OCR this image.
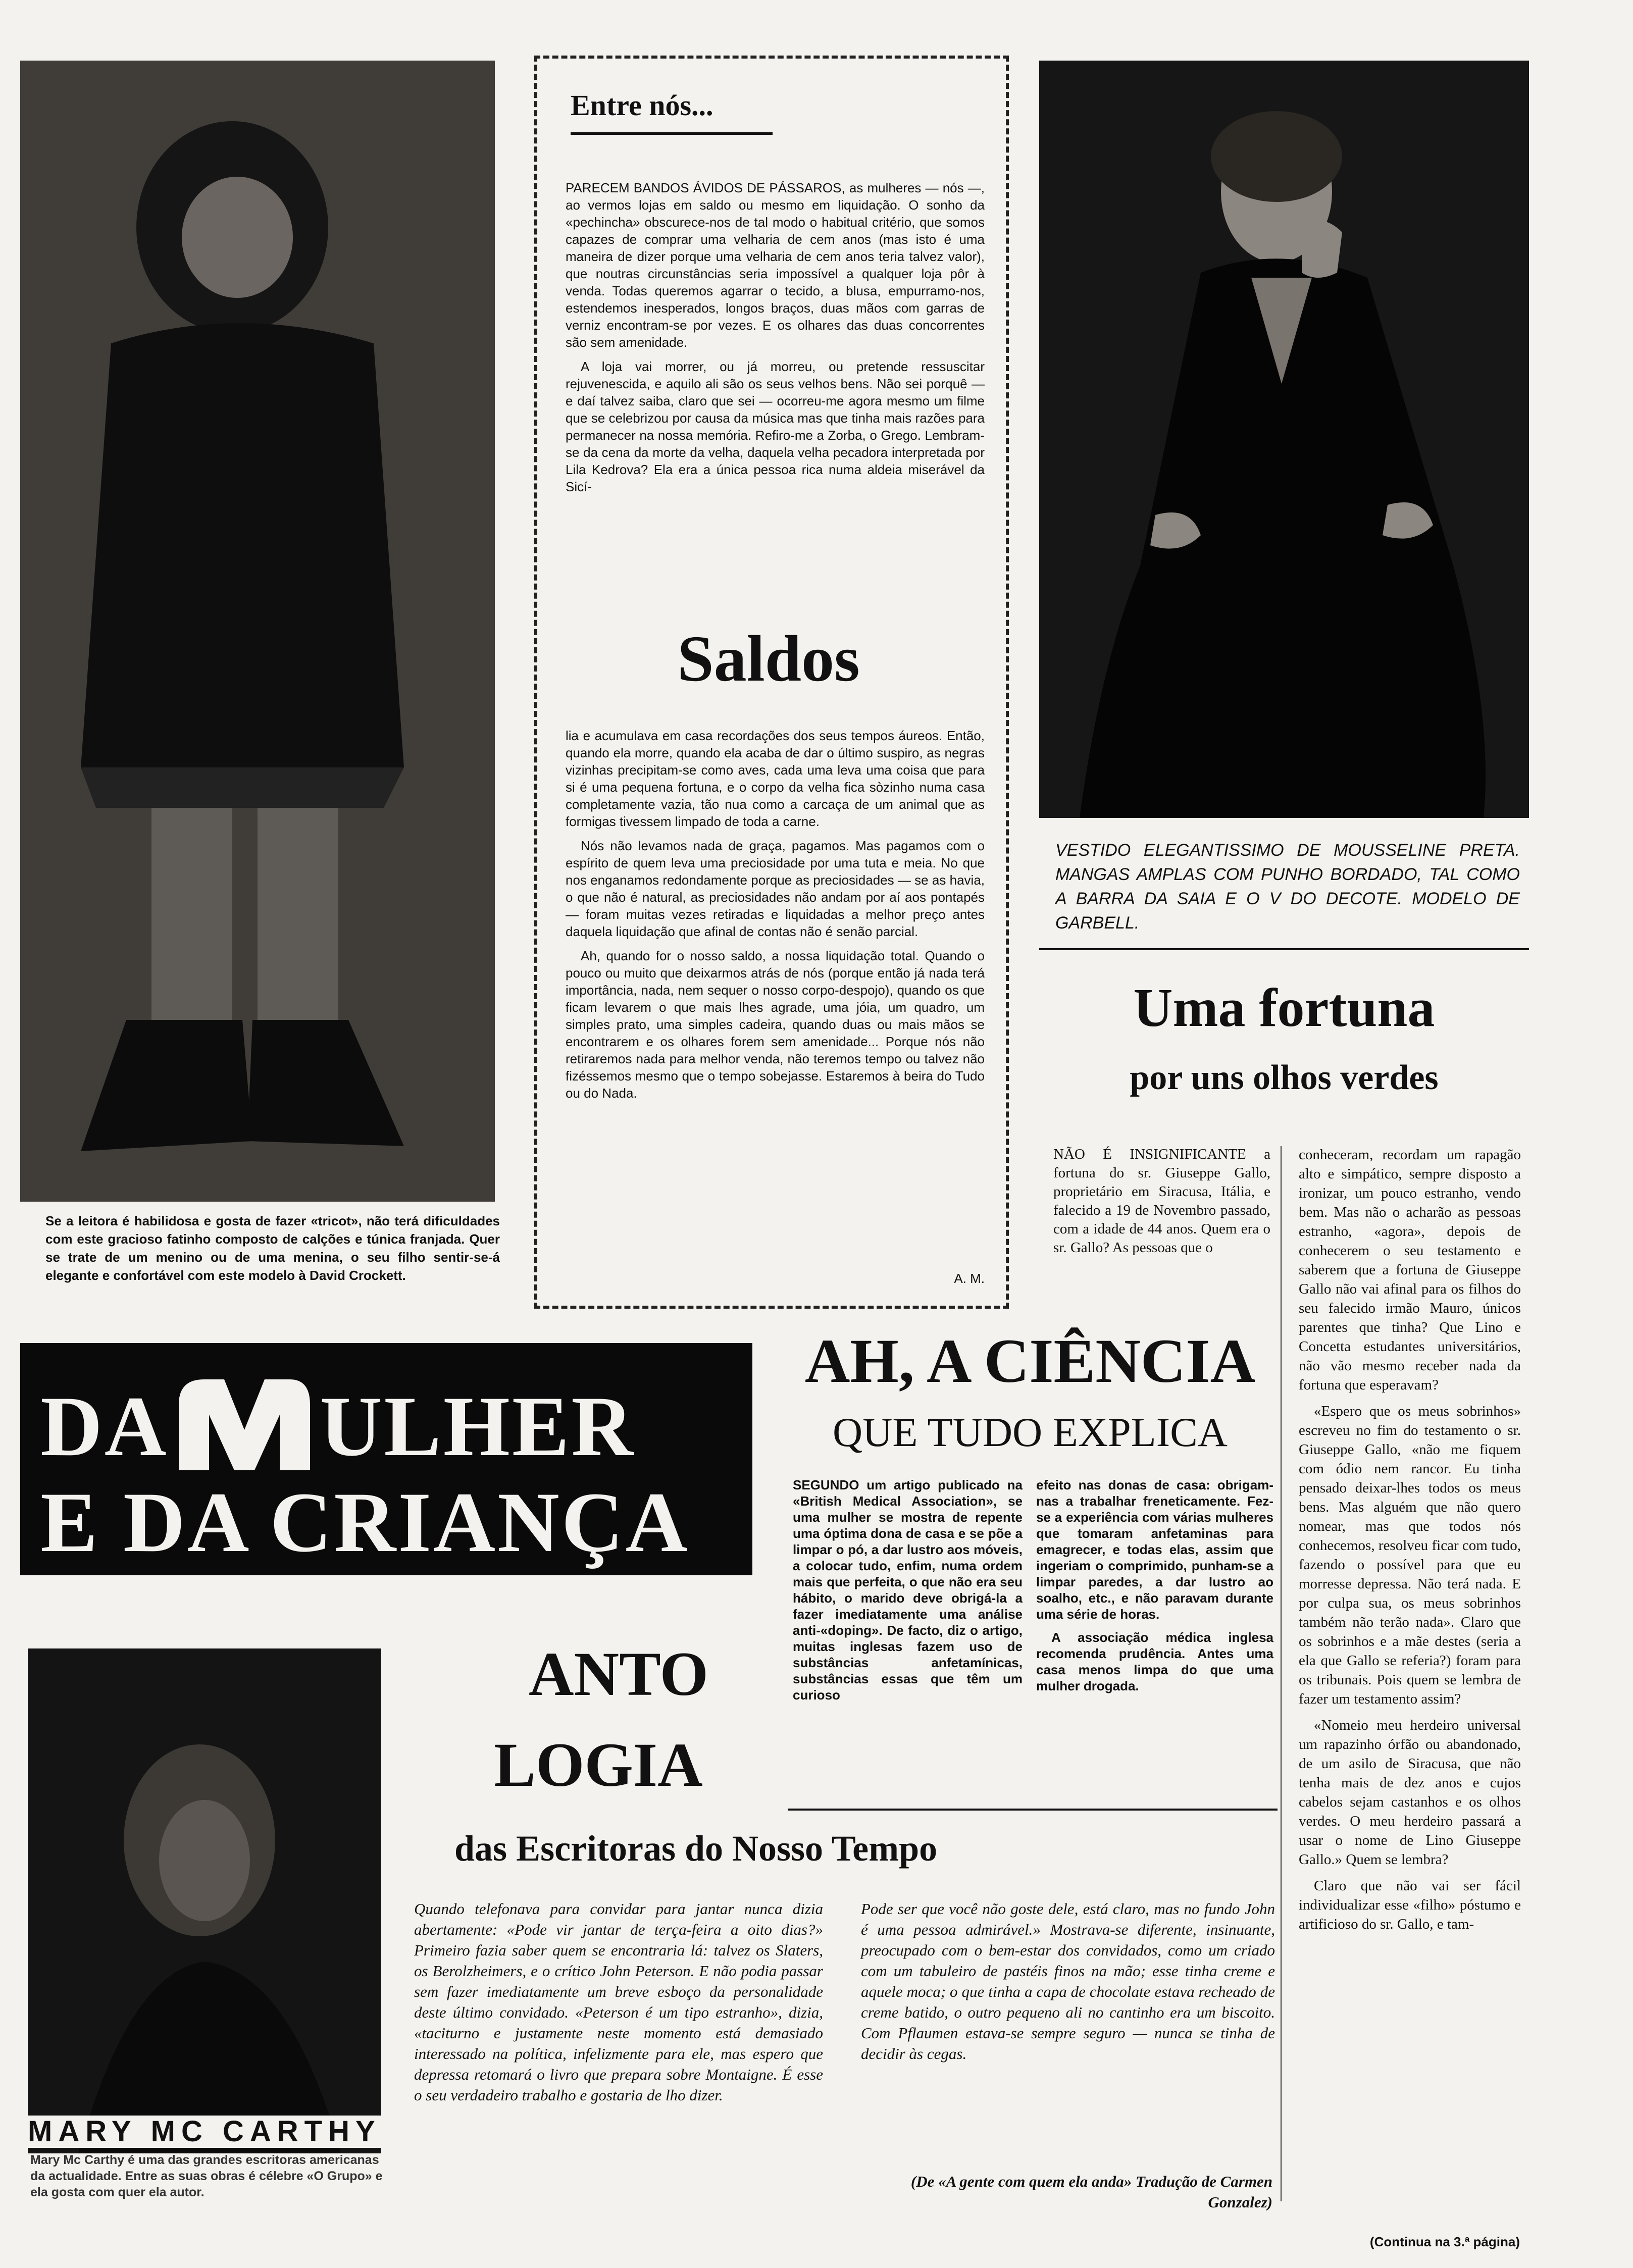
Se a leitora é habilidosa e gosta de fazer «tricot», não terá dificuldades com este gracioso fatinho composto de calções e túnica franjada. Quer se trate de um menino ou de uma menina, o seu filho sentir-se-á elegante e confortável com este modelo à David Crockett.
Entre nós...

PARECEM BANDOS ÁVIDOS DE PÁSSAROS, as mulheres — nós —, ao vermos lojas em saldo ou mesmo em liquidação. O sonho da «pechincha» obscurece-nos de tal modo o habitual critério, que somos capazes de comprar uma velharia de cem anos (mas isto é uma maneira de dizer porque uma velharia de cem anos teria talvez valor), que noutras circunstâncias seria impossível a qualquer loja pôr à venda. Todas queremos agarrar o tecido, a blusa, empurramo-nos, estendemos inesperados, longos braços, duas mãos com garras de verniz encontram-se por vezes. E os olhares das duas concorrentes são sem amenidade.

A loja vai morrer, ou já morreu, ou pretende ressuscitar rejuvenescida, e aquilo ali são os seus velhos bens. Não sei porquê — e daí talvez saiba, claro que sei — ocorreu-me agora mesmo um filme que se celebrizou por causa da música mas que tinha mais razões para permanecer na nossa memória. Refiro-me a Zorba, o Grego. Lembram-se da cena da morte da velha, daquela velha pecadora interpretada por Lila Kedrova? Ela era a única pessoa rica numa aldeia miserável da Sicí-

Saldos

lia e acumulava em casa recordações dos seus tempos áureos. Então, quando ela morre, quando ela acaba de dar o último suspiro, as negras vizinhas precipitam-se como aves, cada uma leva uma coisa que para si é uma pequena fortuna, e o corpo da velha fica sòzinho numa casa completamente vazia, tão nua como a carcaça de um animal que as formigas tivessem limpado de toda a carne.

Nós não levamos nada de graça, pagamos. Mas pagamos com o espírito de quem leva uma preciosidade por uma tuta e meia. No que nos enganamos redondamente porque as preciosidades — se as havia, o que não é natural, as preciosidades não andam por aí aos pontapés — foram muitas vezes retiradas e liquidadas a melhor preço antes daquela liquidação que afinal de contas não é senão parcial.

Ah, quando for o nosso saldo, a nossa liquidação total. Quando o pouco ou muito que deixarmos atrás de nós (porque então já nada terá importância, nada, nem sequer o nosso corpo-despojo), quando os que ficam levarem o que mais lhes agrade, uma jóia, um quadro, um simples prato, uma simples cadeira, quando duas ou mais mãos se encontrarem e os olhares forem sem amenidade... Porque nós não retiraremos nada para melhor venda, não teremos tempo ou talvez não fizéssemos mesmo que o tempo sobejasse. Estaremos à beira do Tudo ou do Nada.

A. M.
VESTIDO ELEGANTISSIMO DE MOUSSELINE PRETA. MANGAS AMPLAS COM PUNHO BORDADO, TAL COMO A BARRA DA SAIA E O V DO DECOTE. MODELO DE GARBELL.
Uma fortuna
por uns olhos verdes

NÃO É INSIGNIFICANTE a fortuna do sr. Giuseppe Gallo, proprietário em Siracusa, Itália, e falecido a 19 de Novembro passado, com a idade de 44 anos. Quem era o sr. Gallo? As pessoas que o

conheceram, recordam um rapagão alto e simpático, sempre disposto a ironizar, um pouco estranho, vendo bem. Mas não o acharão as pessoas estranho, «agora», depois de conhecerem o seu testamento e saberem que a fortuna de Giuseppe Gallo não vai afinal para os filhos do seu falecido irmão Mauro, únicos parentes que tinha? Que Lino e Concetta estudantes universitários, não vão mesmo receber nada da fortuna que esperavam?

«Espero que os meus sobrinhos» escreveu no fim do testamento o sr. Giuseppe Gallo, «não me fiquem com ódio nem rancor. Eu tinha pensado deixar-lhes todos os meus bens. Mas alguém que não quero nomear, mas que todos nós conhecemos, resolveu ficar com tudo, fazendo o possível para que eu morresse depressa. Não terá nada. E por culpa sua, os meus sobrinhos também não terão nada». Claro que os sobrinhos e a mãe destes (seria a ela que Gallo se referia?) foram para os tribunais. Pois quem se lembra de fazer um testamento assim?

«Nomeio meu herdeiro universal um rapazinho órfão ou abandonado, de um asilo de Siracusa, que não tenha mais de dez anos e cujos cabelos sejam castanhos e os olhos verdes. O meu herdeiro passará a usar o nome de Lino Giuseppe Gallo.» Quem se lembra?

Claro que não vai ser fácil individualizar esse «filho» póstumo e artificioso do sr. Gallo, e tam-

(Continua na 3.ª página)
DA ULHER
E DA CRIANÇA
AH, A CIÊNCIA
QUE TUDO EXPLICA

SEGUNDO um artigo publicado na «British Medical Association», se uma mulher se mostra de repente uma óptima dona de casa e se põe a limpar o pó, a dar lustro aos móveis, a colocar tudo, enfim, numa ordem mais que perfeita, o que não era seu hábito, o marido deve obrigá-la a fazer imediatamente uma análise anti-«doping». De facto, diz o artigo, muitas inglesas fazem uso de substâncias anfetamínicas, substâncias essas que têm um curioso

efeito nas donas de casa: obrigam-nas a trabalhar freneticamente. Fez-se a experiência com várias mulheres que tomaram anfetaminas para emagrecer, e todas elas, assim que ingeriam o comprimido, punham-se a limpar paredes, a dar lustro ao soalho, etc., e não paravam durante uma série de horas.

A associação médica inglesa recomenda prudência. Antes uma casa menos limpa do que uma mulher drogada.

MARY MC CARTHY
Mary Mc Carthy é uma das grandes escritoras americanas da actualidade. Entre as suas obras é célebre «O Grupo» e ela gosta com quer ela autor.
ANTO
LOGIA
das Escritoras do Nosso Tempo

Quando telefonava para convidar para jantar nunca dizia abertamente: «Pode vir jantar de terça-feira a oito dias?» Primeiro fazia saber quem se encontraria lá: talvez os Slaters, os Berolzheimers, e o crítico John Peterson. E não podia passar sem fazer imediatamente um breve esboço da personalidade deste último convidado. «Peterson é um tipo estranho», dizia, «taciturno e justamente neste momento está demasiado interessado na política, infelizmente para ele, mas espero que depressa retomará o livro que prepara sobre Montaigne. É esse o seu verdadeiro trabalho e gostaria de lho dizer.

Pode ser que você não goste dele, está claro, mas no fundo John é uma pessoa admirável.» Mostrava-se diferente, insinuante, preocupado com o bem-estar dos convidados, como um criado com um tabuleiro de pastéis finos na mão; esse tinha creme e aquele moca; o que tinha a capa de chocolate estava recheado de creme batido, o outro pequeno ali no cantinho era um biscoito. Com Pflaumen estava-se sempre seguro — nunca se tinha de decidir às cegas.

(De «A gente com quem ela anda» Tradução de Carmen Gonzalez)
